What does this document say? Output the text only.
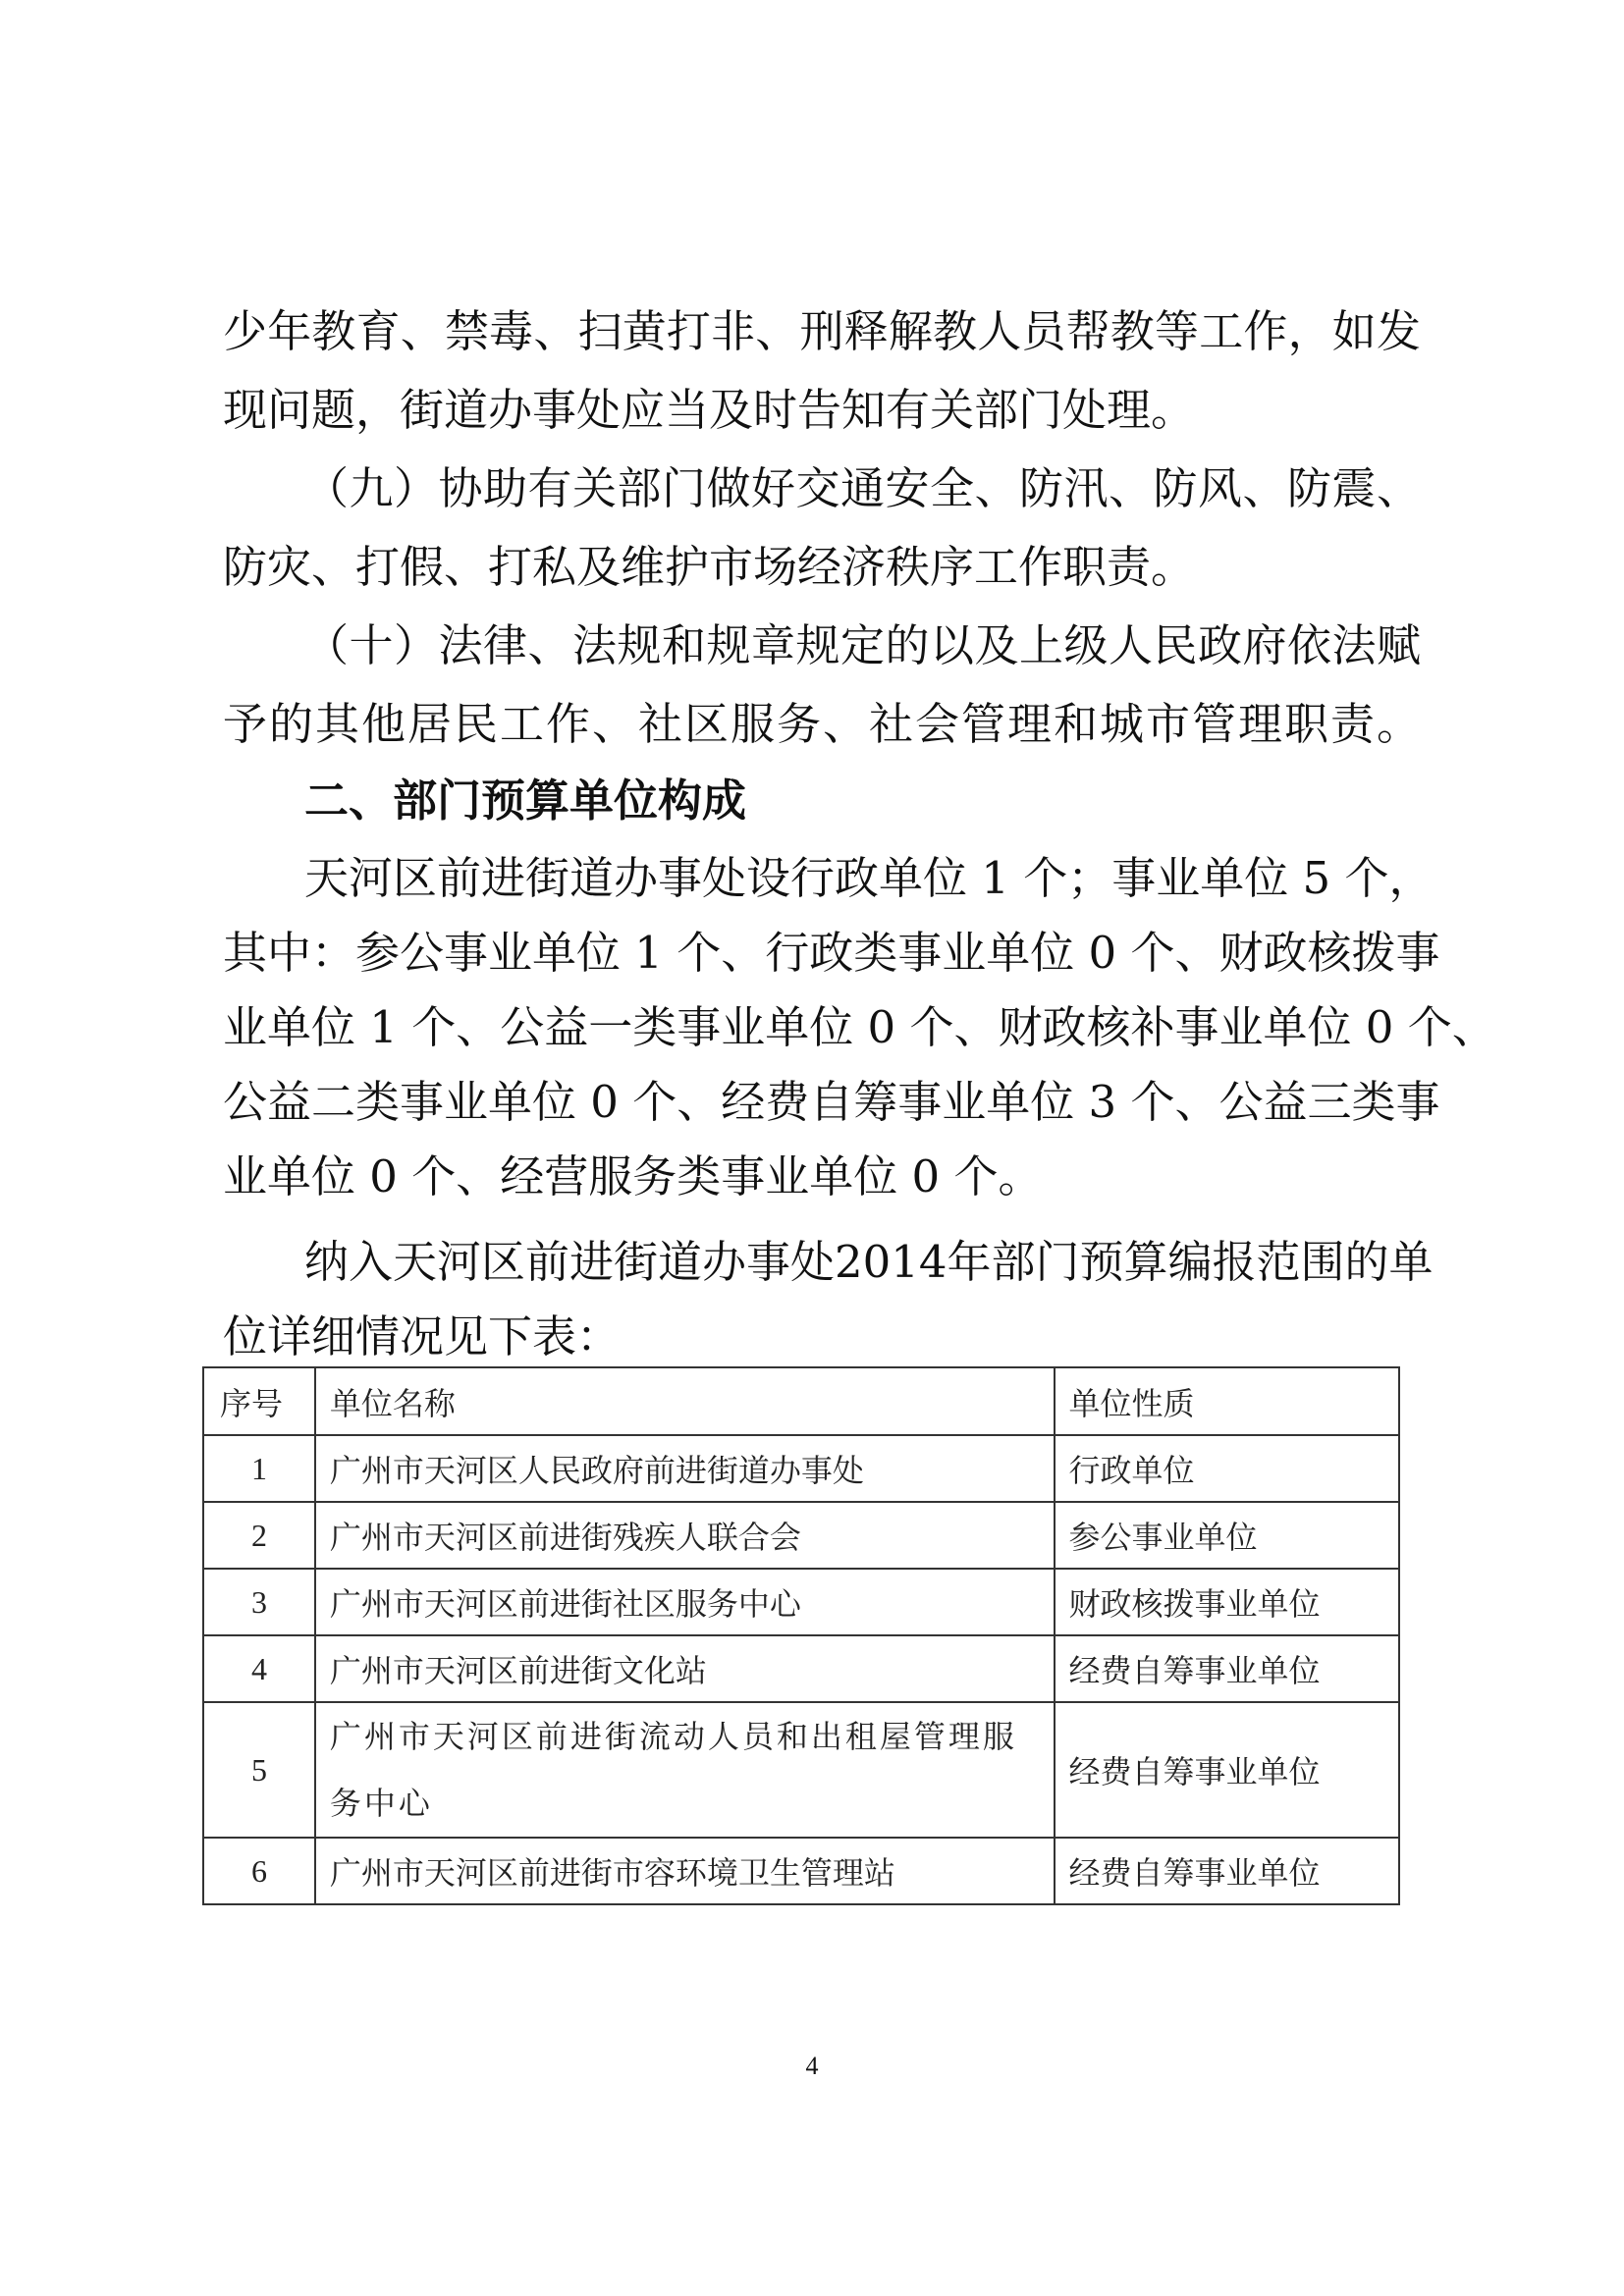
少年教育、禁毒、扫黄打非、刑释解教人员帮教等工作，如发
现问题，街道办事处应当及时告知有关部门处理。
（九）协助有关部门做好交通安全、防汛、防风、防震、
防灾、打假、打私及维护市场经济秩序工作职责。
（十）法律、法规和规章规定的以及上级人民政府依法赋
予的其他居民工作、社区服务、社会管理和城市管理职责。
二、部门预算单位构成
天河区前进街道办事处设行政单位 1 个；事业单位 5 个，
其中：参公事业单位 1 个、行政类事业单位 0 个、财政核拨事
业单位 1 个、公益一类事业单位 0 个、财政核补事业单位 0 个、
公益二类事业单位 0 个、经费自筹事业单位 3 个、公益三类事
业单位 0 个、经营服务类事业单位 0 个。
纳入天河区前进街道办事处2014年部门预算编报范围的单
位详细情况见下表：
序号	单位名称	单位性质
1	广州市天河区人民政府前进街道办事处	行政单位
2	广州市天河区前进街残疾人联合会	参公事业单位
3	广州市天河区前进街社区服务中心	财政核拨事业单位
4	广州市天河区前进街文化站	经费自筹事业单位
5	广州市天河区前进街流动人员和出租屋管理服务中心	经费自筹事业单位
6	广州市天河区前进街市容环境卫生管理站	经费自筹事业单位
4
